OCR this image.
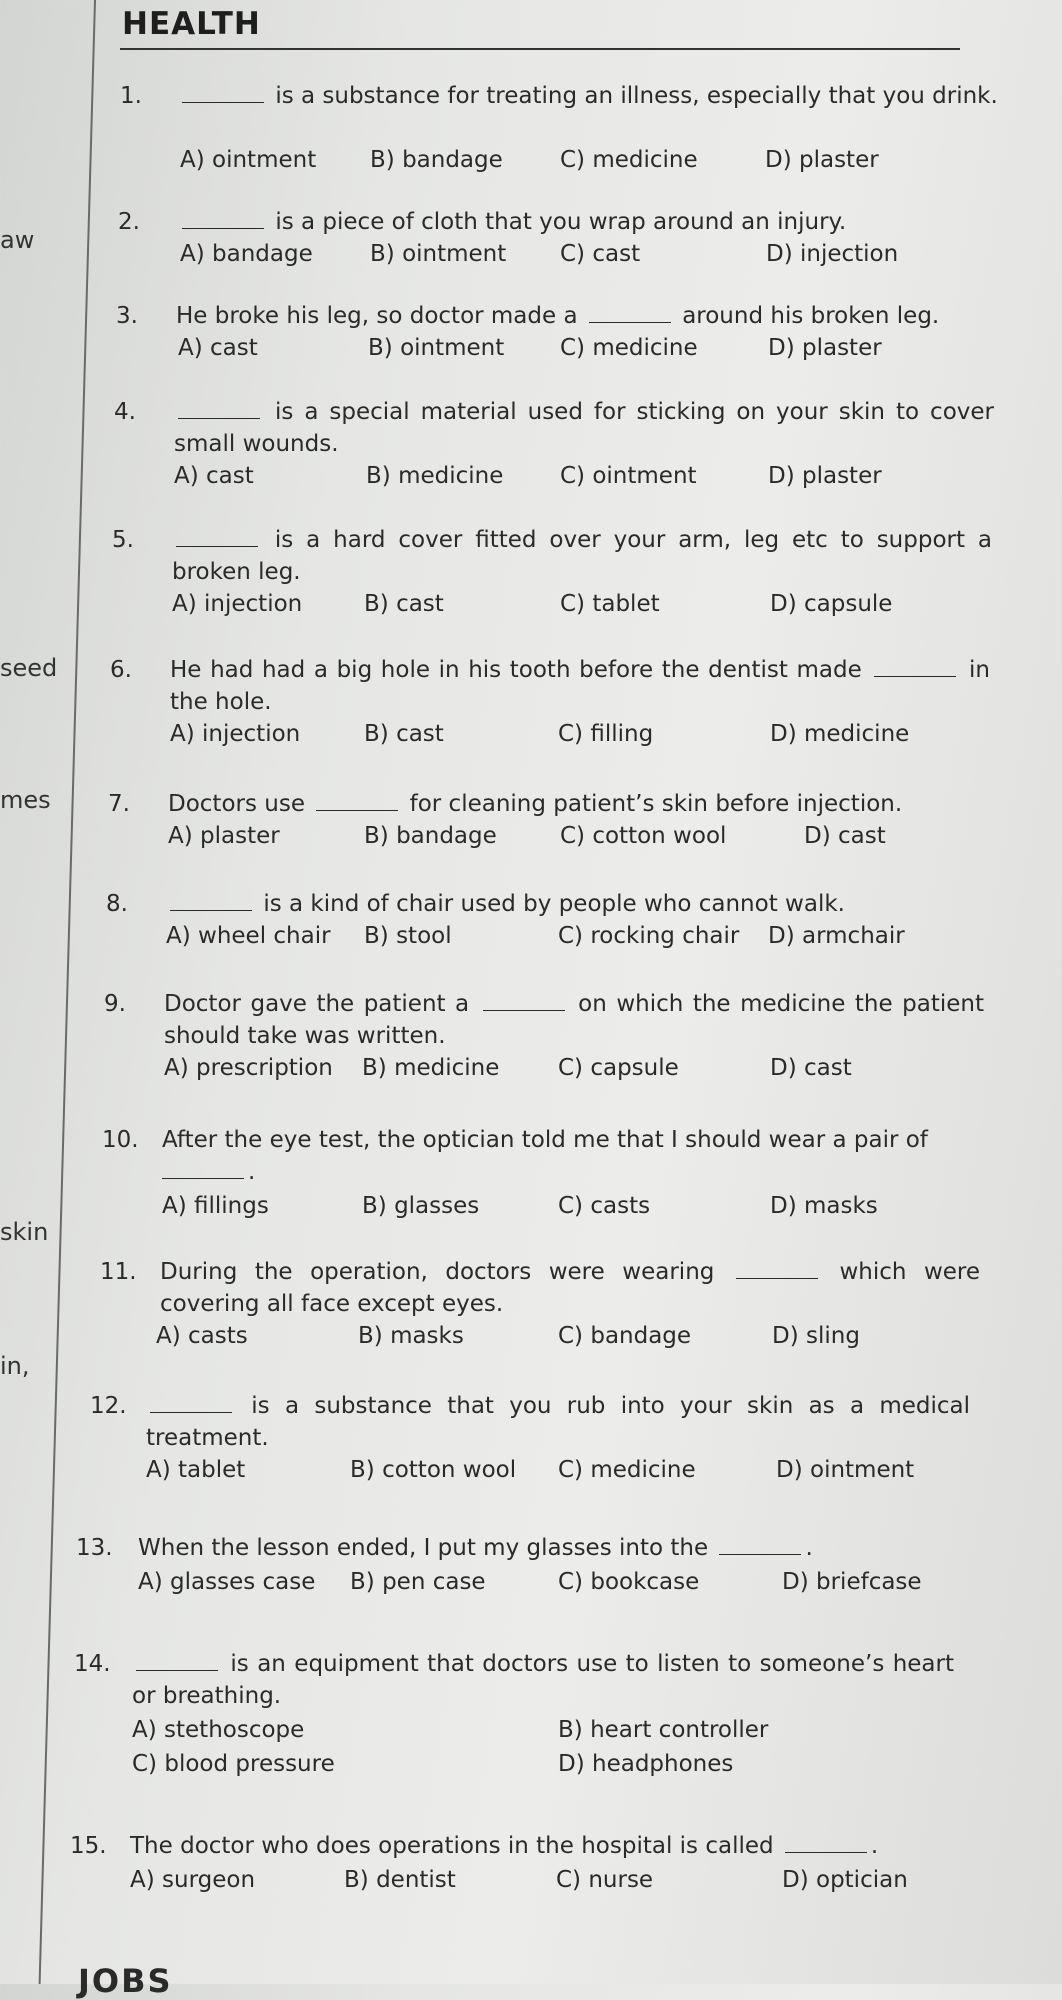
aw
seed
mes
skin
in,
HEALTH
1.	is a substance for treating an illness, especially that you drink.
A) ointment B) bandage C) medicine	D) plaster
2.	is a piece of cloth that you wrap around an injury.
A) bandage B) ointment C) cast	D) injection
3. He broke his leg, so doctor made a	around his broken leg.
A) cast	B) ointment C) medicine	D) plaster
4.	is a special material used for sticking on your skin to cover small wounds.
A) cast	B) medicine C) ointment	D) plaster
5.	is a hard cover fitted over your arm, leg etc to support a broken leg.
A) injection	B) cast	C) tablet	D) capsule
6. He had had a big hole in his tooth before the dentist made	in the hole.
A) injection	B) cast	C) filling	D) medicine
7. Doctors use	for cleaning patient’s skin before injection.
A) plaster	B) bandage	C) cotton wool	D) cast
8.	is a kind of chair used by people who cannot walk.
A) wheel chair B) stool	C) rocking chair D) armchair
9. Doctor gave the patient a	on which the medicine the patient should take was written.
A) prescription B) medicine	C) capsule	D) cast
10. After the eye test, the optician told me that I should wear a pair of
.
A) fillings	B) glasses	C) casts	D) masks
11. During the operation, doctors were wearing	which were covering all face except eyes.
A) casts	B) masks	C) bandage	D) sling
12.	is a substance that you rub into your skin as a medical treatment.
A) tablet	B) cotton wool C) medicine	D) ointment
13. When the lesson ended, I put my glasses into the	.
A) glasses case B) pen case	C) bookcase	D) briefcase
14.	is an equipment that doctors use to listen to someone’s heart or breathing.
A) stethoscope	B) heart controller
C) blood pressure	D) headphones
15. The doctor who does operations in the hospital is called	.
A) surgeon	B) dentist	C) nurse	D) optician
JOBS
